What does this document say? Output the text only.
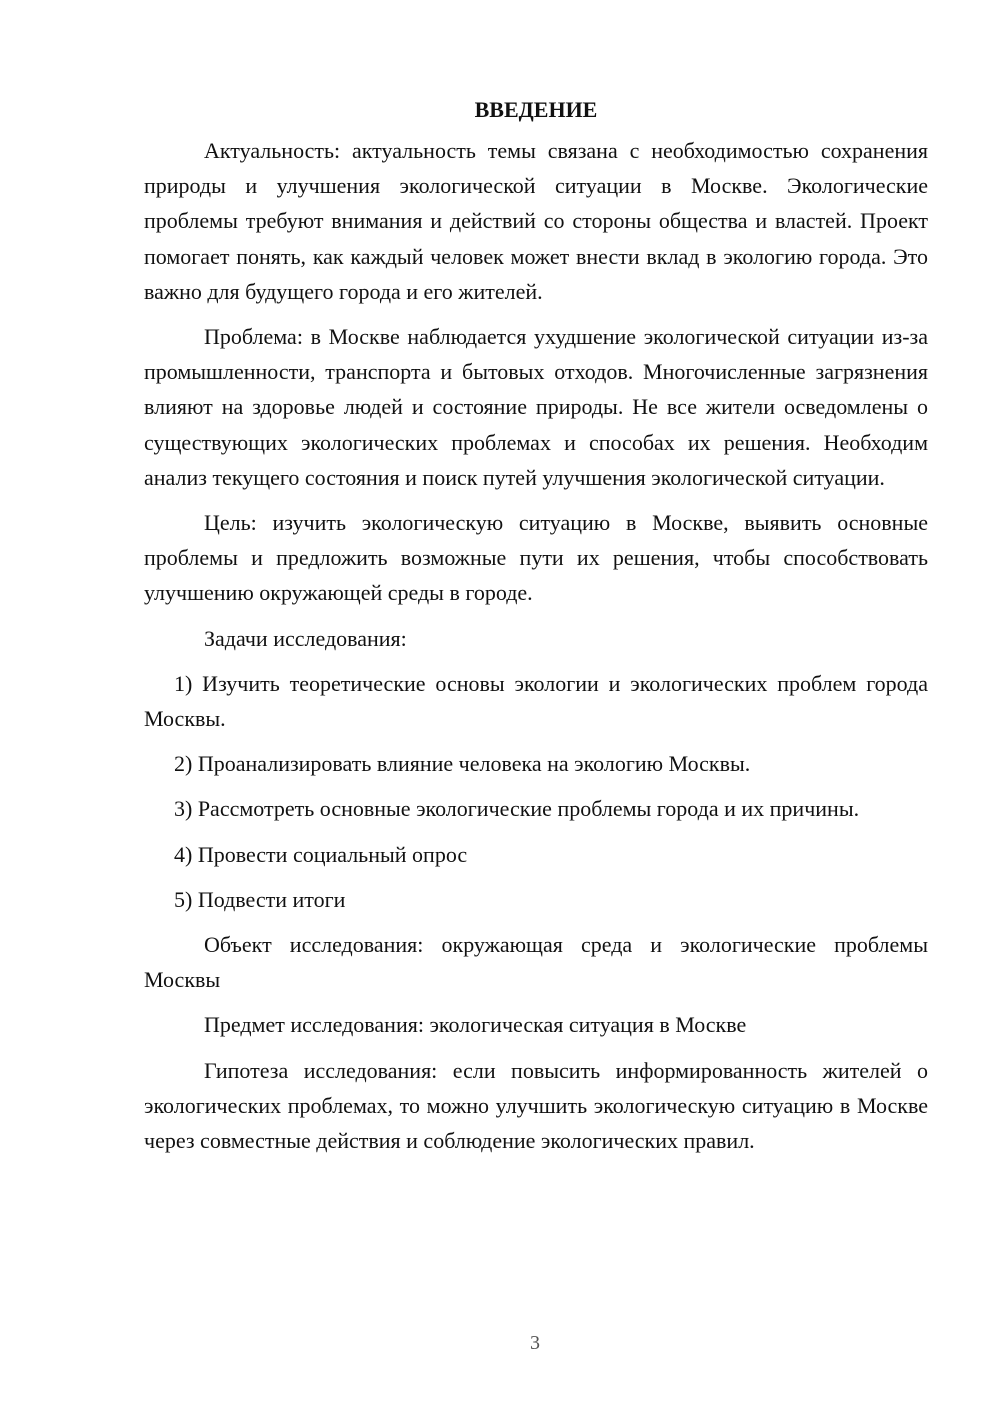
ВВЕДЕНИЕ

Актуальность: актуальность темы связана с необходимостью сохранения природы и улучшения экологической ситуации в Москве. Экологические проблемы требуют внимания и действий со стороны общества и властей. Проект помогает понять, как каждый человек может внести вклад в экологию города. Это важно для будущего города и его жителей.

Проблема: в Москве наблюдается ухудшение экологической ситуации из-за промышленности, транспорта и бытовых отходов. Многочисленные загрязнения влияют на здоровье людей и состояние природы. Не все жители осведомлены о существующих экологических проблемах и способах их решения. Необходим анализ текущего состояния и поиск путей улучшения экологической ситуации.

Цель: изучить экологическую ситуацию в Москве, выявить основные проблемы и предложить возможные пути их решения, чтобы способствовать улучшению окружающей среды в городе.

Задачи исследования:

1) Изучить теоретические основы экологии и экологических проблем города Москвы.

2) Проанализировать влияние человека на экологию Москвы.

3) Рассмотреть основные экологические проблемы города и их причины.

4) Провести социальный опрос

5) Подвести итоги

Объект исследования: окружающая среда и экологические проблемы Москвы

Предмет исследования: экологическая ситуация в Москве

Гипотеза исследования: если повысить информированность жителей о экологических проблемах, то можно улучшить экологическую ситуацию в Москве через совместные действия и соблюдение экологических правил.

3
